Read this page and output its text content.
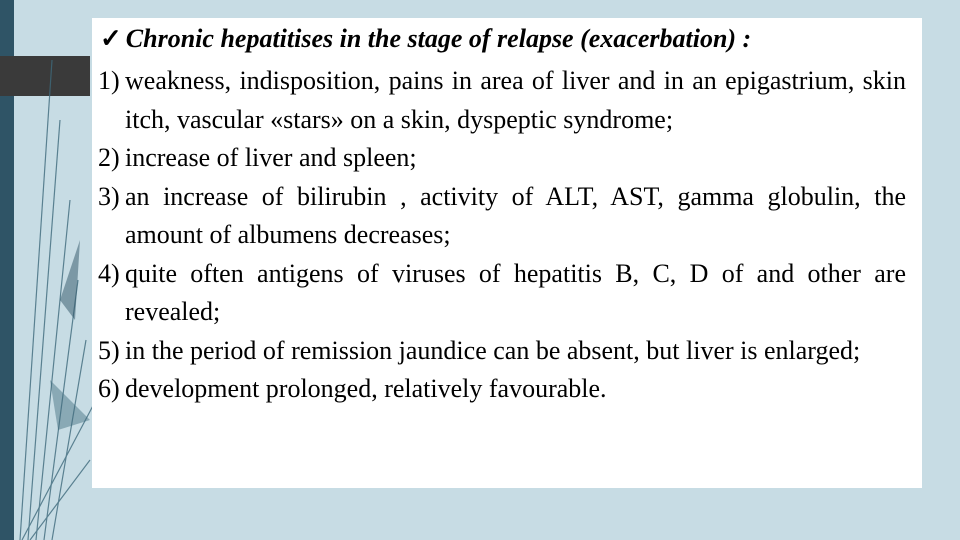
✓ Chronic hepatitises in the stage of relapse (exacerbation) :
1) weakness, indisposition, pains in area of liver and in an epigastrium, skin itch, vascular «stars» on a skin, dyspeptic syndrome;
2) increase of liver and spleen;
3) an increase of bilirubin , activity of ALT, AST, gamma globulin, the amount of albumens decreases;
4) quite often antigens of viruses of hepatitis B, C, D of and other are revealed;
5) in the period of remission jaundice can be absent, but liver is enlarged;
6) development prolonged, relatively favourable.
